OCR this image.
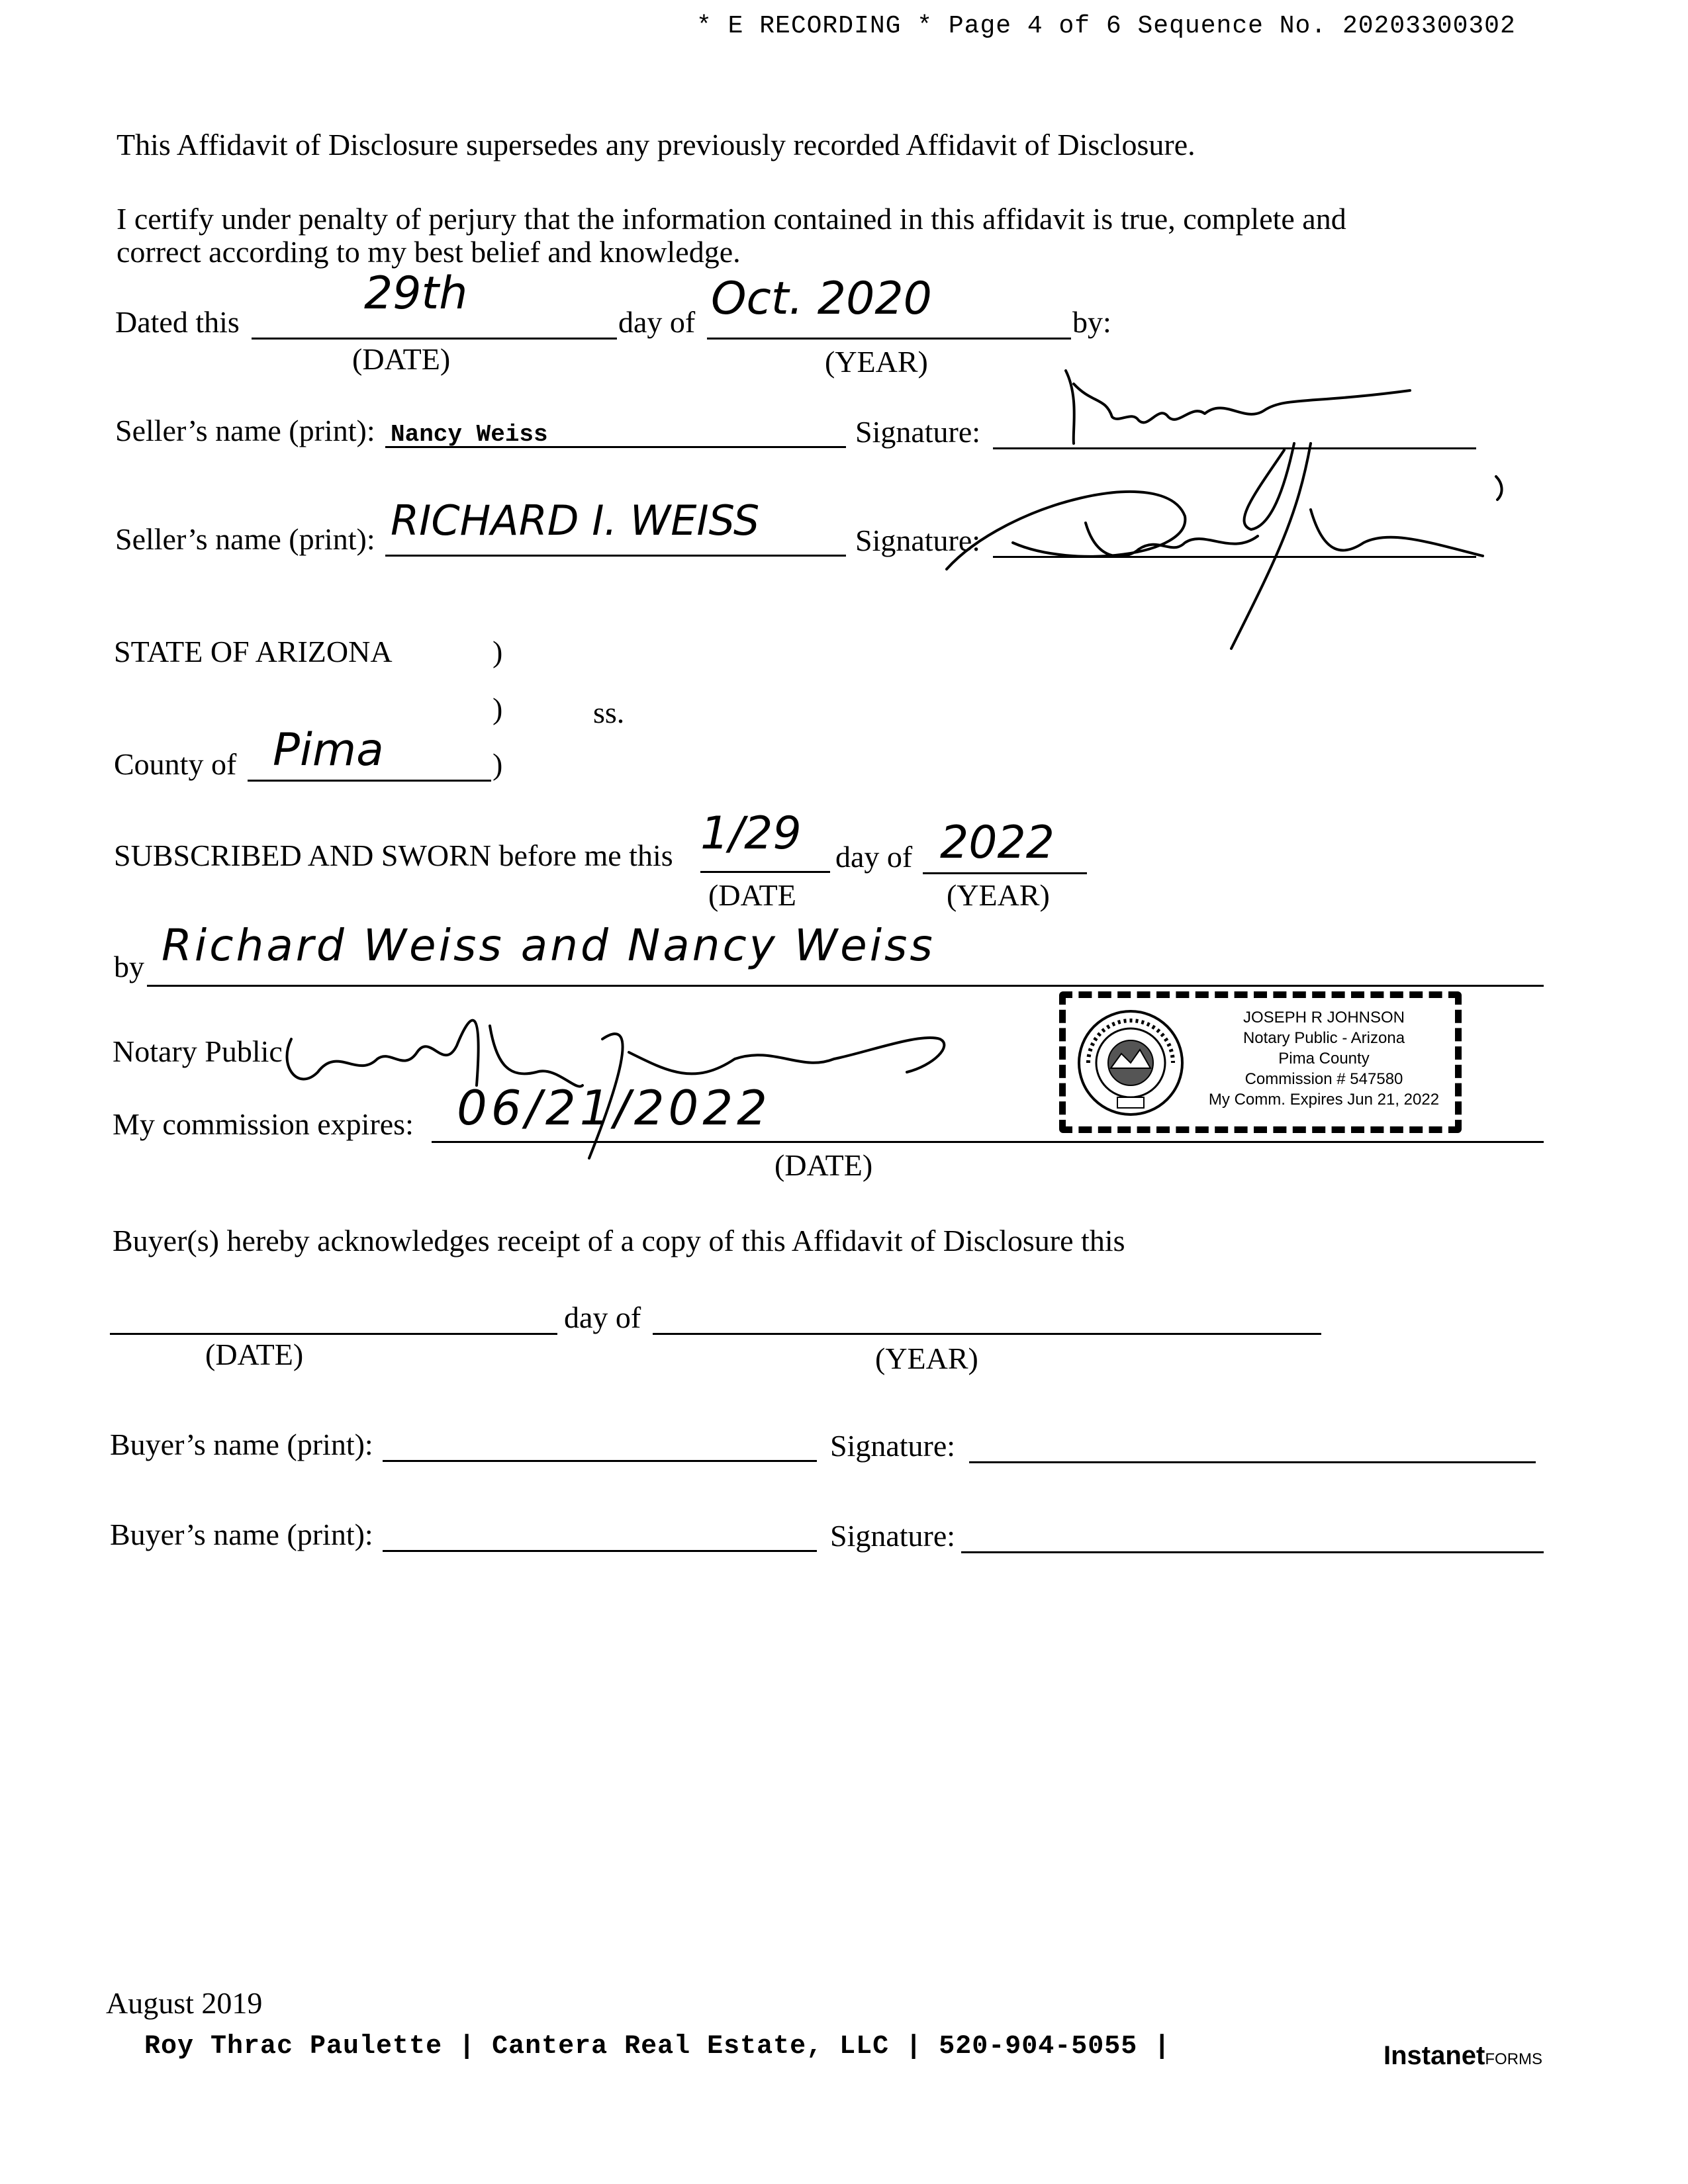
* E RECORDING * Page 4 of 6 Sequence No. 20203300302
This Affidavit of Disclosure supersedes any previously recorded Affidavit of Disclosure.
I certify under penalty of perjury that the information contained in this affidavit is true, complete and
correct according to my best belief and knowledge.
Dated this
29th
day of Oct. 2020	by:
(DATE)	(YEAR)
Seller’s name (print): Nancy Weiss	Signature:
Seller’s name (print): RICHARD I. WEISS	Signature:
STATE OF ARIZONA	)
)	ss.
County of Pima	)
SUBSCRIBED AND SWORN before me this 1/29 day of 2022
(DATE	(YEAR)
by Richard Weiss and Nancy Weiss
Notary Public
My commission expires: 06/21/2022
(DATE)
JOSEPH R JOHNSON
Notary Public - Arizona
Pima County
Commission # 547580
My Comm. Expires Jun 21, 2022
Buyer(s) hereby acknowledges receipt of a copy of this Affidavit of Disclosure this
day of
(DATE)	(YEAR)
Buyer’s name (print):	Signature:
Buyer’s name (print):	Signature:
August 2019
Roy Thrac Paulette | Cantera Real Estate, LLC | 520-904-5055 |	InstanetFORMS
